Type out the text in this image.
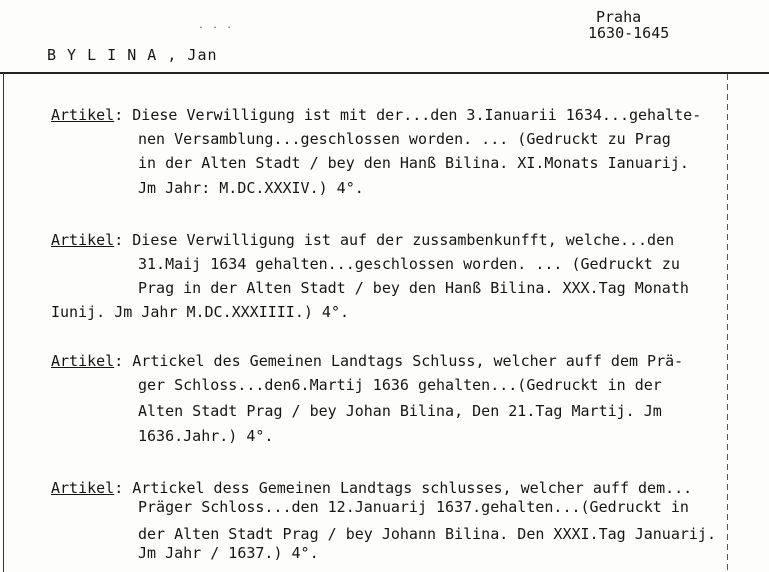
. . .
B Y L I N A , Jan
Praha
1630-1645
Artikel: Diese Verwilligung ist mit der...den 3.Ianuarii 1634...gehalte-
nen Versamblung...geschlossen worden. ... (Gedruckt zu Prag
in der Alten Stadt / bey den Hanß Bilina. XI.Monats Ianuarij.
Jm Jahr: M.DC.XXXIV.) 4°.
Artikel: Diese Verwilligung ist auf der zussambenkunfft, welche...den
31.Maij 1634 gehalten...geschlossen worden. ... (Gedruckt zu
Prag in der Alten Stadt / bey den Hanß Bilina. XXX.Tag Monath
Iunij. Jm Jahr M.DC.XXXIIII.) 4°.
Artikel: Artickel des Gemeinen Landtags Schluss, welcher auff dem Prä-
ger Schloss...den6.Martij 1636 gehalten...(Gedruckt in der
Alten Stadt Prag / bey Johan Bilina, Den 21.Tag Martij. Jm
1636.Jahr.) 4°.
Artikel: Artickel dess Gemeinen Landtags schlusses, welcher auff dem...
Präger Schloss...den 12.Januarij 1637.gehalten...(Gedruckt in
der Alten Stadt Prag / bey Johann Bilina. Den XXXI.Tag Januarij.
Jm Jahr / 1637.) 4°.
